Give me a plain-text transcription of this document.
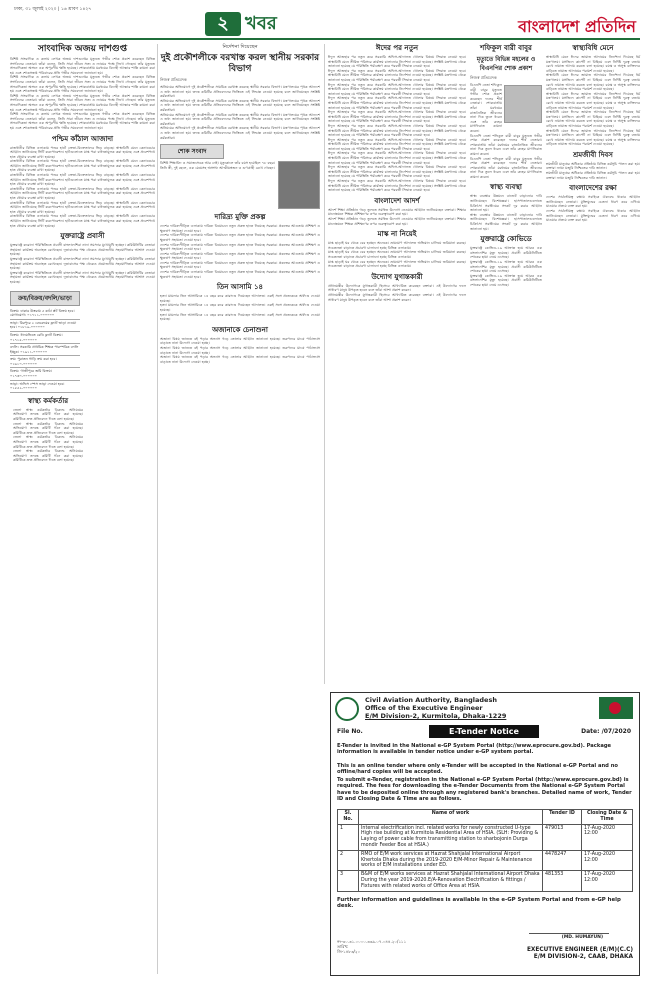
ঢাকা, ৩১ জুলাই ২০২০ | ১৬ শ্রাবণ ১৪২৭
২ খবর	বাংলাদেশ প্রতিদিন
সাংবাদিক অজয় দাশগুপ্ত
বিশিষ্ট সাংবাদিক ও কলাম লেখক অজয় দাশগুপ্তের মৃত্যুতে গভীর শোক প্রকাশ করেছেন বিভিন্ন সংগঠনের নেতারা। তাঁরা বলেন, তিনি সারা জীবন সত্য ও ন্যায়ের পক্ষে লিখে গেছেন। তাঁর মৃত্যুতে সাংবাদিকতা অঙ্গনে এক অপূরণীয় ক্ষতি হয়েছে। শোকবার্তায় মরহুমের বিদেহী আত্মার শান্তি কামনা করা হয় এবং শোকসন্তপ্ত পরিবারের প্রতি গভীর সমবেদনা জানানো হয়।
বিশিষ্ট সাংবাদিক ও কলাম লেখক অজয় দাশগুপ্তের মৃত্যুতে গভীর শোক প্রকাশ করেছেন বিভিন্ন সংগঠনের নেতারা। তাঁরা বলেন, তিনি সারা জীবন সত্য ও ন্যায়ের পক্ষে লিখে গেছেন। তাঁর মৃত্যুতে সাংবাদিকতা অঙ্গনে এক অপূরণীয় ক্ষতি হয়েছে। শোকবার্তায় মরহুমের বিদেহী আত্মার শান্তি কামনা করা হয় এবং শোকসন্তপ্ত পরিবারের প্রতি গভীর সমবেদনা জানানো হয়।
বিশিষ্ট সাংবাদিক ও কলাম লেখক অজয় দাশগুপ্তের মৃত্যুতে গভীর শোক প্রকাশ করেছেন বিভিন্ন সংগঠনের নেতারা। তাঁরা বলেন, তিনি সারা জীবন সত্য ও ন্যায়ের পক্ষে লিখে গেছেন। তাঁর মৃত্যুতে সাংবাদিকতা অঙ্গনে এক অপূরণীয় ক্ষতি হয়েছে। শোকবার্তায় মরহুমের বিদেহী আত্মার শান্তি কামনা করা হয় এবং শোকসন্তপ্ত পরিবারের প্রতি গভীর সমবেদনা জানানো হয়।
বিশিষ্ট সাংবাদিক ও কলাম লেখক অজয় দাশগুপ্তের মৃত্যুতে গভীর শোক প্রকাশ করেছেন বিভিন্ন সংগঠনের নেতারা। তাঁরা বলেন, তিনি সারা জীবন সত্য ও ন্যায়ের পক্ষে লিখে গেছেন। তাঁর মৃত্যুতে সাংবাদিকতা অঙ্গনে এক অপূরণীয় ক্ষতি হয়েছে। শোকবার্তায় মরহুমের বিদেহী আত্মার শান্তি কামনা করা হয় এবং শোকসন্তপ্ত পরিবারের প্রতি গভীর সমবেদনা জানানো হয়।
পশ্চিম কাঁঠাল আজাদা
রাজধানীর বিভিন্ন এলাকায় পশুর হাটে ক্রেতা-বিক্রেতাদের ভিড় বাড়ছে। স্বাস্থ্যবিধি মেনে কেনাবেচার আহ্বান জানিয়েছে সিটি করপোরেশন। হাটগুলোতে মাস্ক পরা বাধ্যতামূলক করা হয়েছে এবং প্রবেশপথে হাত ধোয়ার ব্যবস্থা রাখা হয়েছে।
রাজধানীর বিভিন্ন এলাকায় পশুর হাটে ক্রেতা-বিক্রেতাদের ভিড় বাড়ছে। স্বাস্থ্যবিধি মেনে কেনাবেচার আহ্বান জানিয়েছে সিটি করপোরেশন। হাটগুলোতে মাস্ক পরা বাধ্যতামূলক করা হয়েছে এবং প্রবেশপথে হাত ধোয়ার ব্যবস্থা রাখা হয়েছে।
রাজধানীর বিভিন্ন এলাকায় পশুর হাটে ক্রেতা-বিক্রেতাদের ভিড় বাড়ছে। স্বাস্থ্যবিধি মেনে কেনাবেচার আহ্বান জানিয়েছে সিটি করপোরেশন। হাটগুলোতে মাস্ক পরা বাধ্যতামূলক করা হয়েছে এবং প্রবেশপথে হাত ধোয়ার ব্যবস্থা রাখা হয়েছে।
রাজধানীর বিভিন্ন এলাকায় পশুর হাটে ক্রেতা-বিক্রেতাদের ভিড় বাড়ছে। স্বাস্থ্যবিধি মেনে কেনাবেচার আহ্বান জানিয়েছে সিটি করপোরেশন। হাটগুলোতে মাস্ক পরা বাধ্যতামূলক করা হয়েছে এবং প্রবেশপথে হাত ধোয়ার ব্যবস্থা রাখা হয়েছে।
রাজধানীর বিভিন্ন এলাকায় পশুর হাটে ক্রেতা-বিক্রেতাদের ভিড় বাড়ছে। স্বাস্থ্যবিধি মেনে কেনাবেচার আহ্বান জানিয়েছে সিটি করপোরেশন। হাটগুলোতে মাস্ক পরা বাধ্যতামূলক করা হয়েছে এবং প্রবেশপথে হাত ধোয়ার ব্যবস্থা রাখা হয়েছে।
রাজধানীর বিভিন্ন এলাকায় পশুর হাটে ক্রেতা-বিক্রেতাদের ভিড় বাড়ছে। স্বাস্থ্যবিধি মেনে কেনাবেচার আহ্বান জানিয়েছে সিটি করপোরেশন। হাটগুলোতে মাস্ক পরা বাধ্যতামূলক করা হয়েছে এবং প্রবেশপথে হাত ধোয়ার ব্যবস্থা রাখা হয়েছে।
যুক্তরাষ্ট্রে প্রবাসী
যুক্তরাষ্ট্রে করোনা পরিস্থিতিতে প্রবাসী বাংলাদেশিরা নানা সমস্যার মুখোমুখি হচ্ছেন। কমিউনিটির নেতারা সহায়তা কার্যক্রম অব্যাহত রেখেছেন। দূতাবাসের পক্ষ থেকেও প্রয়োজনীয় সহযোগিতার আশ্বাস দেওয়া হয়েছে।
যুক্তরাষ্ট্রে করোনা পরিস্থিতিতে প্রবাসী বাংলাদেশিরা নানা সমস্যার মুখোমুখি হচ্ছেন। কমিউনিটির নেতারা সহায়তা কার্যক্রম অব্যাহত রেখেছেন। দূতাবাসের পক্ষ থেকেও প্রয়োজনীয় সহযোগিতার আশ্বাস দেওয়া হয়েছে।
যুক্তরাষ্ট্রে করোনা পরিস্থিতিতে প্রবাসী বাংলাদেশিরা নানা সমস্যার মুখোমুখি হচ্ছেন। কমিউনিটির নেতারা সহায়তা কার্যক্রম অব্যাহত রেখেছেন। দূতাবাসের পক্ষ থেকেও প্রয়োজনীয় সহযোগিতার আশ্বাস দেওয়া হয়েছে।
ক্রয়/বিক্রয়/বদলি/ভাড়া
বিক্রয়: ঢাকার উত্তরায় ৫ কাঠা প্লট বিক্রয় হবে। যোগাযোগ: ০১৭১১-০০০০০০
ভাড়া: মিরপুরে ২ বেডরুমের ফ্ল্যাট ভাড়া দেওয়া হবে। ০১৮১৯-০০০০০০
বিক্রয়: ধানমন্ডিতে রেডি ফ্ল্যাট বিক্রয়। ০১৭১৫-০০০০০০
বদলি: সরকারি প্রাথমিক শিক্ষক পারস্পরিক বদলি ইচ্ছুক। ০১৯১১-০০০০০০
ক্রয়: পুরাতন গাড়ি ক্রয় করা হবে। ০১৬১০-০০০০০০
বিক্রয়: গাজীপুরে জমি বিক্রয়। ০১৭৩০-০০০০০০
ভাড়া: অফিস স্পেস ভাড়া দেওয়া হবে। ০১৫৫২-০০০০০০

স্বাস্থ্য কর্মকর্তার
জেলা স্বাস্থ্য কর্মকর্তার বিরুদ্ধে অনিয়মের অভিযোগ তদন্তে কমিটি গঠন করা হয়েছে। কমিটিকে দ্রুত প্রতিবেদন দিতে বলা হয়েছে।
জেলা স্বাস্থ্য কর্মকর্তার বিরুদ্ধে অনিয়মের অভিযোগ তদন্তে কমিটি গঠন করা হয়েছে। কমিটিকে দ্রুত প্রতিবেদন দিতে বলা হয়েছে।
জেলা স্বাস্থ্য কর্মকর্তার বিরুদ্ধে অনিয়মের অভিযোগ তদন্তে কমিটি গঠন করা হয়েছে। কমিটিকে দ্রুত প্রতিবেদন দিতে বলা হয়েছে।
জেলা স্বাস্থ্য কর্মকর্তার বিরুদ্ধে অনিয়মের অভিযোগ তদন্তে কমিটি গঠন করা হয়েছে। কমিটিকে দ্রুত প্রতিবেদন দিতে বলা হয়েছে।
নির্দেশনা দিয়েছেন
দুই প্রকৌশলীকে বরখাস্ত করল স্থানীয় সরকার বিভাগ
নিজস্ব প্রতিবেদক
অনিয়মের অভিযোগে দুই প্রকৌশলীকে সাময়িক বরখাস্ত করেছে স্থানীয় সরকার বিভাগ। মন্ত্রণালয়ের পৃথক আদেশে এ তথ্য জানানো হয়। তদন্ত কমিটির প্রতিবেদনের ভিত্তিতে এই সিদ্ধান্ত নেওয়া হয়েছে বলে জানিয়েছেন সংশ্লিষ্ট কর্মকর্তারা।
অনিয়মের অভিযোগে দুই প্রকৌশলীকে সাময়িক বরখাস্ত করেছে স্থানীয় সরকার বিভাগ। মন্ত্রণালয়ের পৃথক আদেশে এ তথ্য জানানো হয়। তদন্ত কমিটির প্রতিবেদনের ভিত্তিতে এই সিদ্ধান্ত নেওয়া হয়েছে বলে জানিয়েছেন সংশ্লিষ্ট কর্মকর্তারা।
অনিয়মের অভিযোগে দুই প্রকৌশলীকে সাময়িক বরখাস্ত করেছে স্থানীয় সরকার বিভাগ। মন্ত্রণালয়ের পৃথক আদেশে এ তথ্য জানানো হয়। তদন্ত কমিটির প্রতিবেদনের ভিত্তিতে এই সিদ্ধান্ত নেওয়া হয়েছে বলে জানিয়েছেন সংশ্লিষ্ট কর্মকর্তারা।
অনিয়মের অভিযোগে দুই প্রকৌশলীকে সাময়িক বরখাস্ত করেছে স্থানীয় সরকার বিভাগ। মন্ত্রণালয়ের পৃথক আদেশে এ তথ্য জানানো হয়। তদন্ত কমিটির প্রতিবেদনের ভিত্তিতে এই সিদ্ধান্ত নেওয়া হয়েছে বলে জানিয়েছেন সংশ্লিষ্ট কর্মকর্তারা।
শোক সংবাদ
বিশিষ্ট শিক্ষাবিদ ও সমাজসেবক আর নেই। মৃত্যুকালে তাঁর বয়স হয়েছিল ৭৮ বছর। তিনি স্ত্রী, দুই ছেলে, এক মেয়েসহ অসংখ্য আত্মীয়স্বজন ও গুণগ্রাহী রেখে গেছেন।
দারিদ্র্য মুক্তি প্রকল্প
দেশের দারিদ্র্যপীড়িত এলাকায় দারিদ্র্য বিমোচনে নতুন প্রকল্প হাতে নিয়েছে সরকার। প্রকল্পের আওতায় প্রশিক্ষণ ও ক্ষুদ্রঋণ সহায়তা দেওয়া হবে।
দেশের দারিদ্র্যপীড়িত এলাকায় দারিদ্র্য বিমোচনে নতুন প্রকল্প হাতে নিয়েছে সরকার। প্রকল্পের আওতায় প্রশিক্ষণ ও ক্ষুদ্রঋণ সহায়তা দেওয়া হবে।
দেশের দারিদ্র্যপীড়িত এলাকায় দারিদ্র্য বিমোচনে নতুন প্রকল্প হাতে নিয়েছে সরকার। প্রকল্পের আওতায় প্রশিক্ষণ ও ক্ষুদ্রঋণ সহায়তা দেওয়া হবে।
দেশের দারিদ্র্যপীড়িত এলাকায় দারিদ্র্য বিমোচনে নতুন প্রকল্প হাতে নিয়েছে সরকার। প্রকল্পের আওতায় প্রশিক্ষণ ও ক্ষুদ্রঋণ সহায়তা দেওয়া হবে।
দেশের দারিদ্র্যপীড়িত এলাকায় দারিদ্র্য বিমোচনে নতুন প্রকল্প হাতে নিয়েছে সরকার। প্রকল্পের আওতায় প্রশিক্ষণ ও ক্ষুদ্রঋণ সহায়তা দেওয়া হবে।
দেশের দারিদ্র্যপীড়িত এলাকায় দারিদ্র্য বিমোচনে নতুন প্রকল্প হাতে নিয়েছে সরকার। প্রকল্পের আওতায় প্রশিক্ষণ ও ক্ষুদ্রঋণ সহায়তা দেওয়া হবে।
তিন আসামি ১৪
হত্যা মামলার তিন আসামিকে ১৪ বছর করে কারাদণ্ড দিয়েছেন আদালত। একই সঙ্গে প্রত্যেককে অর্থদণ্ড দেওয়া হয়েছে।
হত্যা মামলার তিন আসামিকে ১৪ বছর করে কারাদণ্ড দিয়েছেন আদালত। একই সঙ্গে প্রত্যেককে অর্থদণ্ড দেওয়া হয়েছে।
হত্যা মামলার তিন আসামিকে ১৪ বছর করে কারাদণ্ড দিয়েছেন আদালত। একই সঙ্গে প্রত্যেককে অর্থদণ্ড দেওয়া হয়েছে।
অজানাকে চেনাশুনা
অজানা বিষয় জানতে বই পড়ার অভ্যাস গড়ে তোলার আহ্বান জানানো হয়েছে। তরুণদের মাঝে পাঠাভ্যাস বাড়াতে নানা উদ্যোগ নেওয়া হচ্ছে।
অজানা বিষয় জানতে বই পড়ার অভ্যাস গড়ে তোলার আহ্বান জানানো হয়েছে। তরুণদের মাঝে পাঠাভ্যাস বাড়াতে নানা উদ্যোগ নেওয়া হচ্ছে।
অজানা বিষয় জানতে বই পড়ার অভ্যাস গড়ে তোলার আহ্বান জানানো হয়েছে। তরুণদের মাঝে পাঠাভ্যাস বাড়াতে নানা উদ্যোগ নেওয়া হচ্ছে।
ঈদের পর নতুন
ঈদুল আজহার পর নতুন করে সরকারি অফিস-আদালত খোলার বিষয়ে সিদ্ধান্ত নেওয়া হবে। স্বাস্থ্যবিধি মেনে সীমিত পরিসরে কার্যক্রম চালানোর নির্দেশনা দেওয়া হয়েছে। সংশ্লিষ্ট মন্ত্রণালয় থেকে জানানো হয়েছে যে পরিস্থিতি পর্যবেক্ষণ করে পরবর্তী সিদ্ধান্ত নেওয়া হবে।
ঈদুল আজহার পর নতুন করে সরকারি অফিস-আদালত খোলার বিষয়ে সিদ্ধান্ত নেওয়া হবে। স্বাস্থ্যবিধি মেনে সীমিত পরিসরে কার্যক্রম চালানোর নির্দেশনা দেওয়া হয়েছে। সংশ্লিষ্ট মন্ত্রণালয় থেকে জানানো হয়েছে যে পরিস্থিতি পর্যবেক্ষণ করে পরবর্তী সিদ্ধান্ত নেওয়া হবে।
ঈদুল আজহার পর নতুন করে সরকারি অফিস-আদালত খোলার বিষয়ে সিদ্ধান্ত নেওয়া হবে। স্বাস্থ্যবিধি মেনে সীমিত পরিসরে কার্যক্রম চালানোর নির্দেশনা দেওয়া হয়েছে। সংশ্লিষ্ট মন্ত্রণালয় থেকে জানানো হয়েছে যে পরিস্থিতি পর্যবেক্ষণ করে পরবর্তী সিদ্ধান্ত নেওয়া হবে।
ঈদুল আজহার পর নতুন করে সরকারি অফিস-আদালত খোলার বিষয়ে সিদ্ধান্ত নেওয়া হবে। স্বাস্থ্যবিধি মেনে সীমিত পরিসরে কার্যক্রম চালানোর নির্দেশনা দেওয়া হয়েছে। সংশ্লিষ্ট মন্ত্রণালয় থেকে জানানো হয়েছে যে পরিস্থিতি পর্যবেক্ষণ করে পরবর্তী সিদ্ধান্ত নেওয়া হবে।
ঈদুল আজহার পর নতুন করে সরকারি অফিস-আদালত খোলার বিষয়ে সিদ্ধান্ত নেওয়া হবে। স্বাস্থ্যবিধি মেনে সীমিত পরিসরে কার্যক্রম চালানোর নির্দেশনা দেওয়া হয়েছে। সংশ্লিষ্ট মন্ত্রণালয় থেকে জানানো হয়েছে যে পরিস্থিতি পর্যবেক্ষণ করে পরবর্তী সিদ্ধান্ত নেওয়া হবে।
ঈদুল আজহার পর নতুন করে সরকারি অফিস-আদালত খোলার বিষয়ে সিদ্ধান্ত নেওয়া হবে। স্বাস্থ্যবিধি মেনে সীমিত পরিসরে কার্যক্রম চালানোর নির্দেশনা দেওয়া হয়েছে। সংশ্লিষ্ট মন্ত্রণালয় থেকে জানানো হয়েছে যে পরিস্থিতি পর্যবেক্ষণ করে পরবর্তী সিদ্ধান্ত নেওয়া হবে।
ঈদুল আজহার পর নতুন করে সরকারি অফিস-আদালত খোলার বিষয়ে সিদ্ধান্ত নেওয়া হবে। স্বাস্থ্যবিধি মেনে সীমিত পরিসরে কার্যক্রম চালানোর নির্দেশনা দেওয়া হয়েছে। সংশ্লিষ্ট মন্ত্রণালয় থেকে জানানো হয়েছে যে পরিস্থিতি পর্যবেক্ষণ করে পরবর্তী সিদ্ধান্ত নেওয়া হবে।
ঈদুল আজহার পর নতুন করে সরকারি অফিস-আদালত খোলার বিষয়ে সিদ্ধান্ত নেওয়া হবে। স্বাস্থ্যবিধি মেনে সীমিত পরিসরে কার্যক্রম চালানোর নির্দেশনা দেওয়া হয়েছে। সংশ্লিষ্ট মন্ত্রণালয় থেকে জানানো হয়েছে যে পরিস্থিতি পর্যবেক্ষণ করে পরবর্তী সিদ্ধান্ত নেওয়া হবে।
ঈদুল আজহার পর নতুন করে সরকারি অফিস-আদালত খোলার বিষয়ে সিদ্ধান্ত নেওয়া হবে। স্বাস্থ্যবিধি মেনে সীমিত পরিসরে কার্যক্রম চালানোর নির্দেশনা দেওয়া হয়েছে। সংশ্লিষ্ট মন্ত্রণালয় থেকে জানানো হয়েছে যে পরিস্থিতি পর্যবেক্ষণ করে পরবর্তী সিদ্ধান্ত নেওয়া হবে।
ঈদুল আজহার পর নতুন করে সরকারি অফিস-আদালত খোলার বিষয়ে সিদ্ধান্ত নেওয়া হবে। স্বাস্থ্যবিধি মেনে সীমিত পরিসরে কার্যক্রম চালানোর নির্দেশনা দেওয়া হয়েছে। সংশ্লিষ্ট মন্ত্রণালয় থেকে জানানো হয়েছে যে পরিস্থিতি পর্যবেক্ষণ করে পরবর্তী সিদ্ধান্ত নেওয়া হবে।
বাংলাদেশ আদর্শ
আদর্শ শিক্ষা প্রতিষ্ঠান গড়ে তুলতে সমন্বিত উদ্যোগ নেওয়ার আহ্বান জানিয়েছেন বক্তারা। শিক্ষার মানোন্নয়নে শিক্ষক প্রশিক্ষণের ওপর গুরুত্বারোপ করা হয়।
আদর্শ শিক্ষা প্রতিষ্ঠান গড়ে তুলতে সমন্বিত উদ্যোগ নেওয়ার আহ্বান জানিয়েছেন বক্তারা। শিক্ষার মানোন্নয়নে শিক্ষক প্রশিক্ষণের ওপর গুরুত্বারোপ করা হয়।
মাস্ক না নিয়েই
মাস্ক ছাড়াই ঘর থেকে বের হচ্ছেন অনেকে। ভ্রাম্যমাণ আদালত অভিযান চালিয়ে জরিমানা করছে। সচেতনতা বাড়াতে প্রচারণা চালানো হচ্ছে বিভিন্ন এলাকায়।
মাস্ক ছাড়াই ঘর থেকে বের হচ্ছেন অনেকে। ভ্রাম্যমাণ আদালত অভিযান চালিয়ে জরিমানা করছে। সচেতনতা বাড়াতে প্রচারণা চালানো হচ্ছে বিভিন্ন এলাকায়।
মাস্ক ছাড়াই ঘর থেকে বের হচ্ছেন অনেকে। ভ্রাম্যমাণ আদালত অভিযান চালিয়ে জরিমানা করছে। সচেতনতা বাড়াতে প্রচারণা চালানো হচ্ছে বিভিন্ন এলাকায়।
উদ্যোগ যুগান্তকারী
প্রধানমন্ত্রীর উদ্যোগকে যুগান্তকারী হিসেবে আখ্যায়িত করেছেন বক্তারা। এই উদ্যোগের ফলে সাধারণ মানুষ উপকৃত হবেন বলে তাঁরা আশা প্রকাশ করেন।
প্রধানমন্ত্রীর উদ্যোগকে যুগান্তকারী হিসেবে আখ্যায়িত করেছেন বক্তারা। এই উদ্যোগের ফলে সাধারণ মানুষ উপকৃত হবেন বলে তাঁরা আশা প্রকাশ করেন।
শফিকুল বারী বাবুর
মৃত্যুতে বিভিন্ন মহলের ও বিএনপির শোক প্রকাশ
নিজস্ব প্রতিবেদক
বিএনপি নেতা শফিকুল বারী বাবুর মৃত্যুতে গভীর শোক প্রকাশ করেছেন দলের শীর্ষ নেতারা। শোকবার্তায় তাঁরা মরহুমের রাজনৈতিক জীবনের নানা দিক তুলে ধরেন এবং তাঁর রুহের মাগফিরাত কামনা করেন।
বিএনপি নেতা শফিকুল বারী বাবুর মৃত্যুতে গভীর শোক প্রকাশ করেছেন দলের শীর্ষ নেতারা। শোকবার্তায় তাঁরা মরহুমের রাজনৈতিক জীবনের নানা দিক তুলে ধরেন এবং তাঁর রুহের মাগফিরাত কামনা করেন।
বিএনপি নেতা শফিকুল বারী বাবুর মৃত্যুতে গভীর শোক প্রকাশ করেছেন দলের শীর্ষ নেতারা। শোকবার্তায় তাঁরা মরহুমের রাজনৈতিক জীবনের নানা দিক তুলে ধরেন এবং তাঁর রুহের মাগফিরাত কামনা করেন।
স্বাস্থ্য ব্যবস্থা
স্বাস্থ্য ব্যবস্থার উন্নয়নে বাজেট বাড়ানোর দাবি জানিয়েছেন বিশেষজ্ঞরা। হাসপাতালগুলোতে চিকিৎসা সরঞ্জামের সংকট দূর করার আহ্বান জানানো হয়।
স্বাস্থ্য ব্যবস্থার উন্নয়নে বাজেট বাড়ানোর দাবি জানিয়েছেন বিশেষজ্ঞরা। হাসপাতালগুলোতে চিকিৎসা সরঞ্জামের সংকট দূর করার আহ্বান জানানো হয়।
যুক্তরাষ্ট্রে কোভিডে
যুক্তরাষ্ট্রে কোভিড-১৯ আক্রান্ত হয়ে আরও এক বাংলাদেশির মৃত্যু হয়েছে। প্রবাসী কমিউনিটিতে শোকের ছায়া নেমে এসেছে।
যুক্তরাষ্ট্রে কোভিড-১৯ আক্রান্ত হয়ে আরও এক বাংলাদেশির মৃত্যু হয়েছে। প্রবাসী কমিউনিটিতে শোকের ছায়া নেমে এসেছে।
যুক্তরাষ্ট্রে কোভিড-১৯ আক্রান্ত হয়ে আরও এক বাংলাদেশির মৃত্যু হয়েছে। প্রবাসী কমিউনিটিতে শোকের ছায়া নেমে এসেছে।
স্বাস্থ্যবিধি মেনে
স্বাস্থ্যবিধি মেনে ঈদের জামাত আদায়ের নির্দেশনা দিয়েছে ধর্ম মন্ত্রণালয়। মসজিদে কার্পেট না বিছিয়ে এবং নির্দিষ্ট দূরত্ব বজায় রেখে নামাজ আদায় করতে বলা হয়েছে। বয়স্ক ও অসুস্থ ব্যক্তিদের বাড়িতে নামাজ আদায়ের পরামর্শ দেওয়া হয়েছে।
স্বাস্থ্যবিধি মেনে ঈদের জামাত আদায়ের নির্দেশনা দিয়েছে ধর্ম মন্ত্রণালয়। মসজিদে কার্পেট না বিছিয়ে এবং নির্দিষ্ট দূরত্ব বজায় রেখে নামাজ আদায় করতে বলা হয়েছে। বয়স্ক ও অসুস্থ ব্যক্তিদের বাড়িতে নামাজ আদায়ের পরামর্শ দেওয়া হয়েছে।
স্বাস্থ্যবিধি মেনে ঈদের জামাত আদায়ের নির্দেশনা দিয়েছে ধর্ম মন্ত্রণালয়। মসজিদে কার্পেট না বিছিয়ে এবং নির্দিষ্ট দূরত্ব বজায় রেখে নামাজ আদায় করতে বলা হয়েছে। বয়স্ক ও অসুস্থ ব্যক্তিদের বাড়িতে নামাজ আদায়ের পরামর্শ দেওয়া হয়েছে।
স্বাস্থ্যবিধি মেনে ঈদের জামাত আদায়ের নির্দেশনা দিয়েছে ধর্ম মন্ত্রণালয়। মসজিদে কার্পেট না বিছিয়ে এবং নির্দিষ্ট দূরত্ব বজায় রেখে নামাজ আদায় করতে বলা হয়েছে। বয়স্ক ও অসুস্থ ব্যক্তিদের বাড়িতে নামাজ আদায়ের পরামর্শ দেওয়া হয়েছে।
স্বাস্থ্যবিধি মেনে ঈদের জামাত আদায়ের নির্দেশনা দিয়েছে ধর্ম মন্ত্রণালয়। মসজিদে কার্পেট না বিছিয়ে এবং নির্দিষ্ট দূরত্ব বজায় রেখে নামাজ আদায় করতে বলা হয়েছে। বয়স্ক ও অসুস্থ ব্যক্তিদের বাড়িতে নামাজ আদায়ের পরামর্শ দেওয়া হয়েছে।
শ্রমজীবী দিবস
শ্রমজীবী মানুষের অধিকার প্রতিষ্ঠায় বিভিন্ন কর্মসূচি পালন করা হয়। বক্তারা ন্যায্য মজুরি নিশ্চিতের দাবি জানান।
শ্রমজীবী মানুষের অধিকার প্রতিষ্ঠায় বিভিন্ন কর্মসূচি পালন করা হয়। বক্তারা ন্যায্য মজুরি নিশ্চিতের দাবি জানান।
বাংলাদেশের রক্ষা
দেশের সার্বভৌমত্ব রক্ষায় সবাইকে ঐক্যবদ্ধ থাকার আহ্বান জানিয়েছেন নেতারা। মুক্তিযুদ্ধের চেতনা ধারণ করে এগিয়ে যাওয়ার প্রত্যয় ব্যক্ত করা হয়।
দেশের সার্বভৌমত্ব রক্ষায় সবাইকে ঐক্যবদ্ধ থাকার আহ্বান জানিয়েছেন নেতারা। মুক্তিযুদ্ধের চেতনা ধারণ করে এগিয়ে যাওয়ার প্রত্যয় ব্যক্ত করা হয়।
Civil Aviation Authority, Bangladesh
Office of the Executive Engineer
E/M Division-2, Kurmitola, Dhaka-1229
File No.	E-Tender Notice	Date: /07/2020
E-Tender is invited in the National e-GP System Portal (http://www.eprocure.gov.bd). Package information is available in tender notice under e-GP system portal.
This is an online tender where only e-Tender will be accepted in the National e-GP Portal and no offline/hard copies will be accepted.
To submit e-Tender, registration in the National e-GP System Portal (http://www.eprocure.gov.bd) is required. The fees for downloading the e-Tender Documents from the National e-GP System Portal have to be deposited online through any registered bank's branches. Detailed name of work, Tender ID and Closing Date & Time are as follows.
Sl. No.	Name of work	Tender ID	Closing Date & Time
1	Internal electrification incl. related works for newly constructed U-type High rise building at Kurmitola Residential Area of HSIA. (SLH: Providing & Laying of power cable from transmitting station to sharbojonin Durga mondir Feeder Box at HSIA.)	479013	17-Aug-2020 12:00
2	RMO of E/M work services at Hazrat Shahjalal International Airport Khertola Dhaka during the 2019-2020 E/M-Minor Repair & Maintenance works of E/M installations under ED.	4478247	17-Aug-2020 12:00
3	B&M of E/M works services at Hazrat Shahjalal International Airport Dhaka During the year 2019-2020.E/A-Renovation Electrification & fittings / Fixtures with related works of Office Area at HSIA.	481353	17-Aug-2020 12:00
Further information and guidelines is available in the e-GP System Portal and from e-GP help desk.
(MD. HUMAYUN)
নং-৩০.৩১.০০০০.৩৩৯.০৭.০৪৪.২০/১১১
তারিখ:
জি-১৪৮৩/২০	EXECUTIVE ENGINEER (E/M)(C.C)
E/M DIVISION-2, CAAB, DHAKA
